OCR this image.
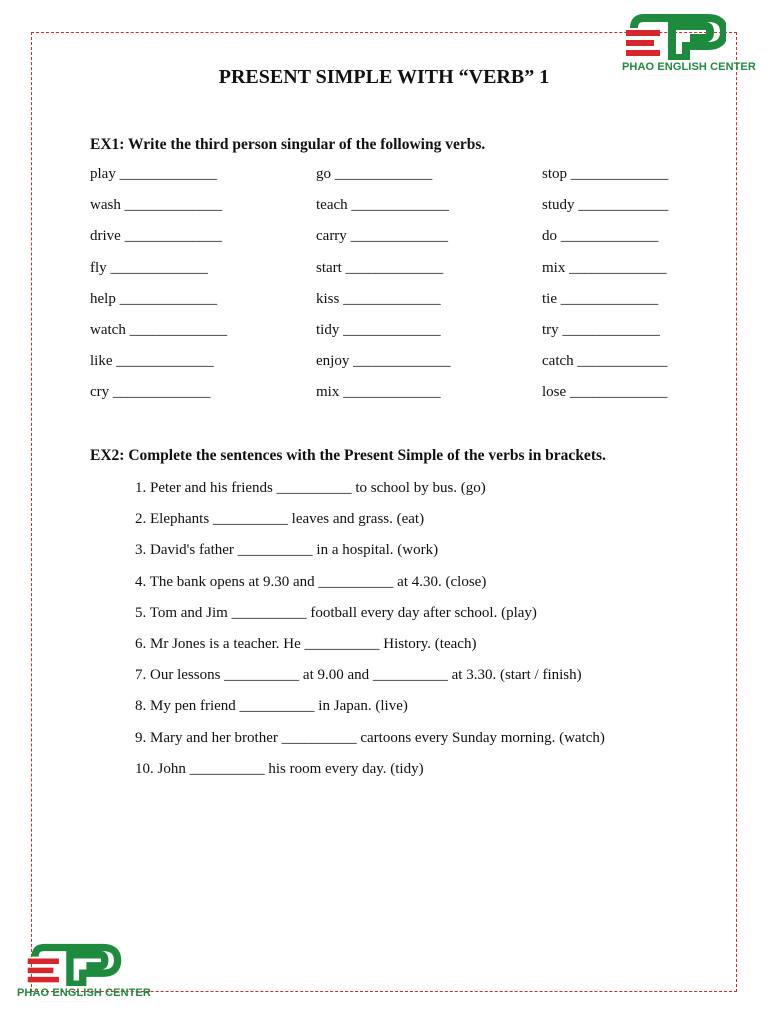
PHAO ENGLISH CENTER
· · · · · · · · · · · · · · · · · · ·
PHAO ENGLISH CENTER
· · · · · · · · · · · · · · · · · · ·
PRESENT SIMPLE WITH “VERB” 1
EX1: Write the third person singular of the following verbs.
play _____________	go _____________	stop _____________
wash _____________	teach _____________	study ____________
drive _____________	carry _____________	do _____________
fly _____________	start _____________	mix _____________
help _____________	kiss _____________	tie _____________
watch _____________	tidy _____________	try _____________
like _____________	enjoy _____________	catch ____________
cry _____________	mix _____________	lose _____________
EX2: Complete the sentences with the Present Simple of the verbs in brackets.
1. Peter and his friends __________ to school by bus. (go)
2. Elephants __________ leaves and grass. (eat)
3. David's father __________ in a hospital. (work)
4. The bank opens at 9.30 and __________ at 4.30. (close)
5. Tom and Jim __________ football every day after school. (play)
6. Mr Jones is a teacher. He __________ History. (teach)
7. Our lessons __________ at 9.00 and __________ at 3.30. (start / finish)
8. My pen friend __________ in Japan. (live)
9. Mary and her brother __________ cartoons every Sunday morning. (watch)
10. John __________ his room every day. (tidy)
